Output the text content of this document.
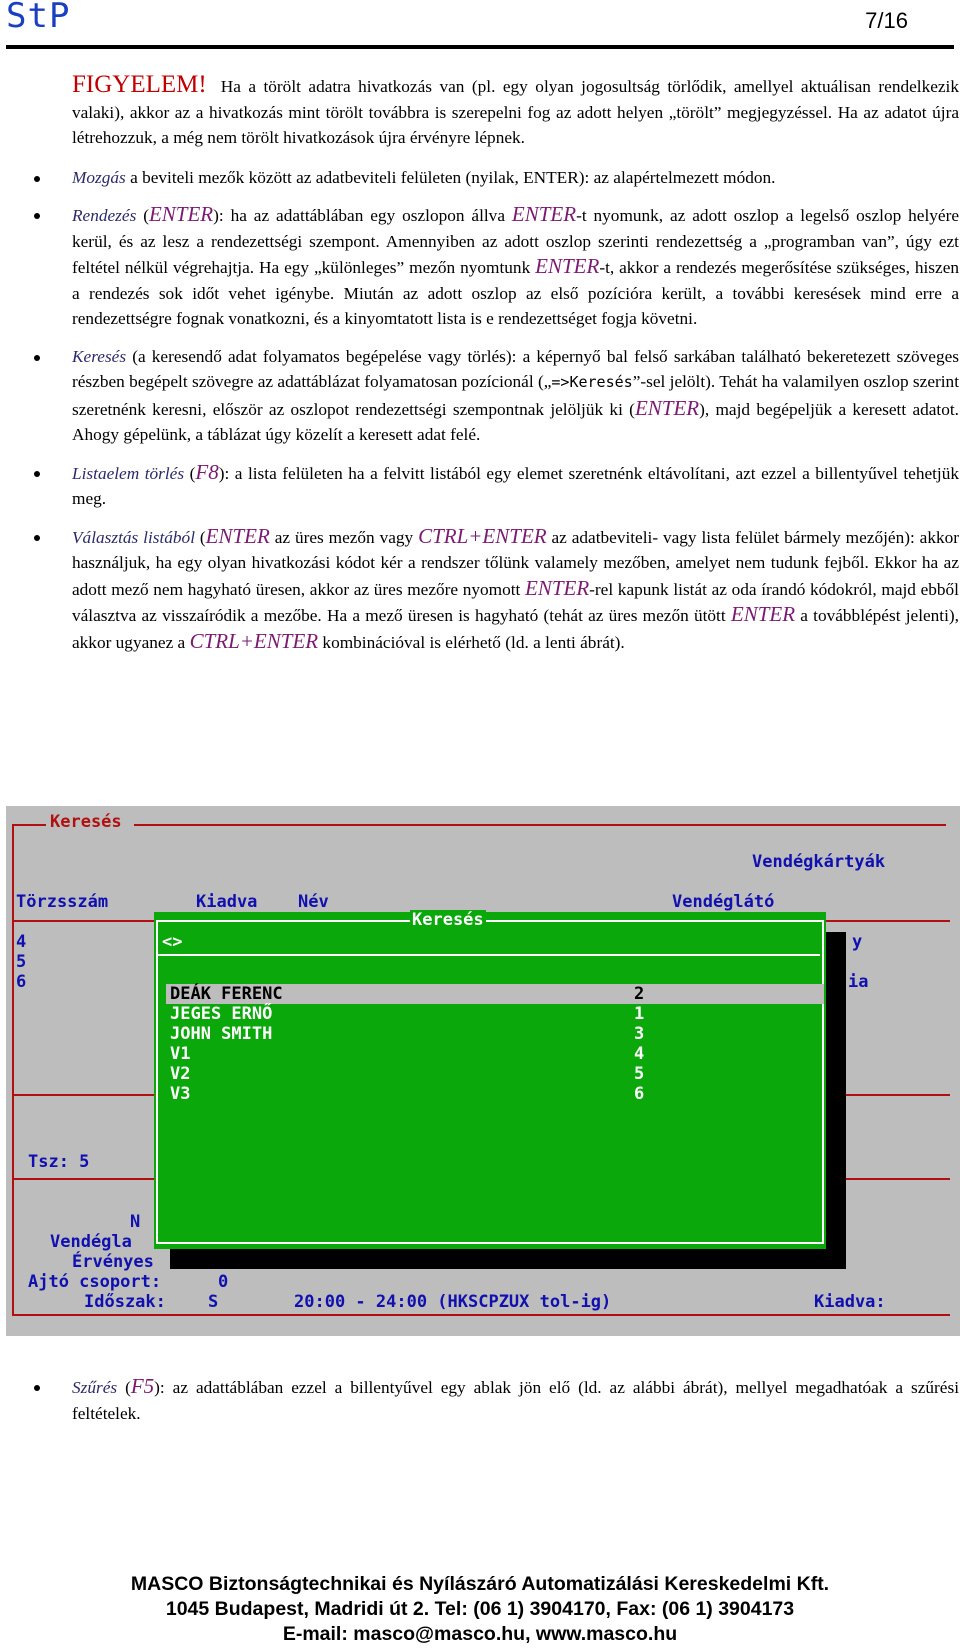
StP	7/16

FIGYELEM! Ha a törölt adatra hivatkozás van (pl. egy olyan jogosultság törlődik, amellyel aktuálisan rendelkezik valaki), akkor az a hivatkozás mint törölt továbbra is szerepelni fog az adott helyen „törölt” megjegyzéssel. Ha az adatot újra létrehozzuk, a még nem törölt hivatkozások újra érvényre lépnek.

Mozgás a beviteli mezők között az adatbeviteli felületen (nyilak, ENTER): az alapértelmezett módon.
Rendezés (ENTER): ha az adattáblában egy oszlopon állva ENTER-t nyomunk, az adott oszlop a legelső oszlop helyére kerül, és az lesz a rendezettségi szempont. Amennyiben az adott oszlop szerinti rendezettség a „programban van”, úgy ezt feltétel nélkül végrehajtja. Ha egy „különleges” mezőn nyomtunk ENTER-t, akkor a rendezés megerősítése szükséges, hiszen a rendezés sok időt vehet igénybe. Miután az adott oszlop az első pozícióra került, a további keresések mind erre a rendezettségre fognak vonatkozni, és a kinyomtatott lista is e rendezettséget fogja követni.
Keresés (a keresendő adat folyamatos begépelése vagy törlés): a képernyő bal felső sarkában található bekeretezett szöveges részben begépelt szövegre az adattáblázat folyamatosan pozícionál („=>Keresés”-sel jelölt). Tehát ha valamilyen oszlop szerint szeretnénk keresni, először az oszlopot rendezettségi szempontnak jelöljük ki (ENTER), majd begépeljük a keresett adatot. Ahogy gépelünk, a táblázat úgy közelít a keresett adat felé.
Listaelem törlés (F8): a lista felületen ha a felvitt listából egy elemet szeretnénk eltávolítani, azt ezzel a billentyűvel tehetjük meg.
Választás listából (ENTER az üres mezőn vagy CTRL+ENTER az adatbeviteli- vagy lista felület bármely mezőjén): akkor használjuk, ha egy olyan hivatkozási kódot kér a rendszer tőlünk valamely mezőben, amelyet nem tudunk fejből. Ekkor ha az adott mező nem hagyható üresen, akkor az üres mezőre nyomott ENTER-rel kapunk listát az oda írandó kódokról, majd ebből választva az visszaíródik a mezőbe. Ha a mező üresen is hagyható (tehát az üres mezőn ütött ENTER a továbblépést jelenti), akkor ugyanez a CTRL+ENTER kombinációval is elérhető (ld. a lenti ábrát).
Keresés
Vendégkártyák
Törzsszám	Kiadva Név	Vendéglátó
4
5
6
y
ia
Tsz: 5
N
Vendégla
Érvényes
Ajtó csoport:	0
Időszak: S	20:00 - 24:00 (HKSCPZUX tol-ig)	Kiadva:
Keresés
<>
DEÁK FERENC	2
JEGES ERNŐ	1
JOHN SMITH	3
V1	4
V2	5
V3	6
Szűrés (F5): az adattáblában ezzel a billentyűvel egy ablak jön elő (ld. az alábbi ábrát), mellyel megadhatóak a szűrési feltételek.
MASCO Biztonságtechnikai és Nyílászáró Automatizálási Kereskedelmi Kft.
1045 Budapest, Madridi út 2. Tel: (06 1) 3904170, Fax: (06 1) 3904173
E-mail: masco@masco.hu, www.masco.hu
